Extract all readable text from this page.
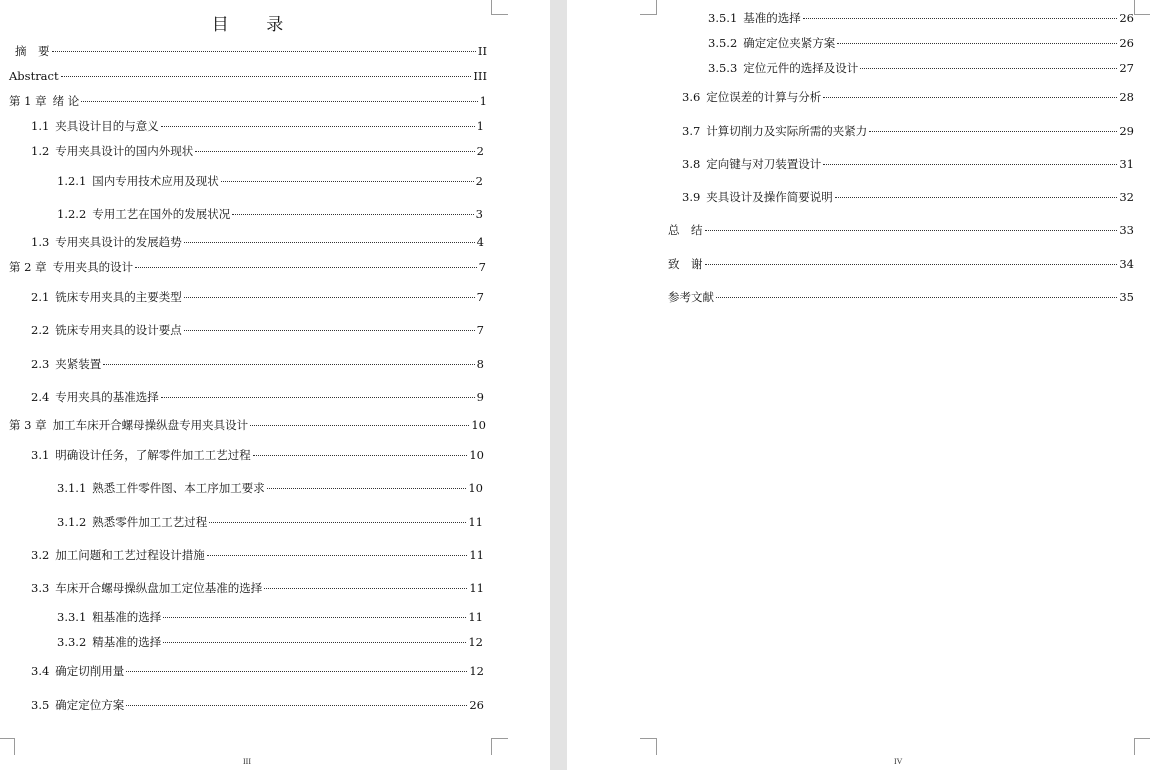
目 录
摘　要	II
Abstract	III
第 1 章 绪 论	1
1.1 夹具设计目的与意义	1
1.2 专用夹具设计的国内外现状	2
1.2.1 国内专用技术应用及现状	2
1.2.2 专用工艺在国外的发展状况	3
1.3 专用夹具设计的发展趋势	4
第 2 章 专用夹具的设计	7
2.1 铣床专用夹具的主要类型	7
2.2 铣床专用夹具的设计要点	7
2.3 夹紧装置	8
2.4 专用夹具的基准选择	9
第 3 章 加工车床开合螺母操纵盘专用夹具设计	10
3.1 明确设计任务，了解零件加工工艺过程	10
3.1.1 熟悉工件零件图、本工序加工要求	10
3.1.2 熟悉零件加工工艺过程	11
3.2 加工问题和工艺过程设计措施	11
3.3 车床开合螺母操纵盘加工定位基准的选择	11
3.3.1 粗基准的选择	11
3.3.2 精基准的选择	12
3.4 确定切削用量	12
3.5 确定定位方案	26
III
3.5.1 基准的选择	26
3.5.2 确定定位夹紧方案	26
3.5.3 定位元件的选择及设计	27
3.6 定位误差的计算与分析	28
3.7 计算切削力及实际所需的夹紧力	29
3.8 定向键与对刀装置设计	31
3.9 夹具设计及操作简要说明	32
总　结	33
致　谢	34
参考文献	35
IV
